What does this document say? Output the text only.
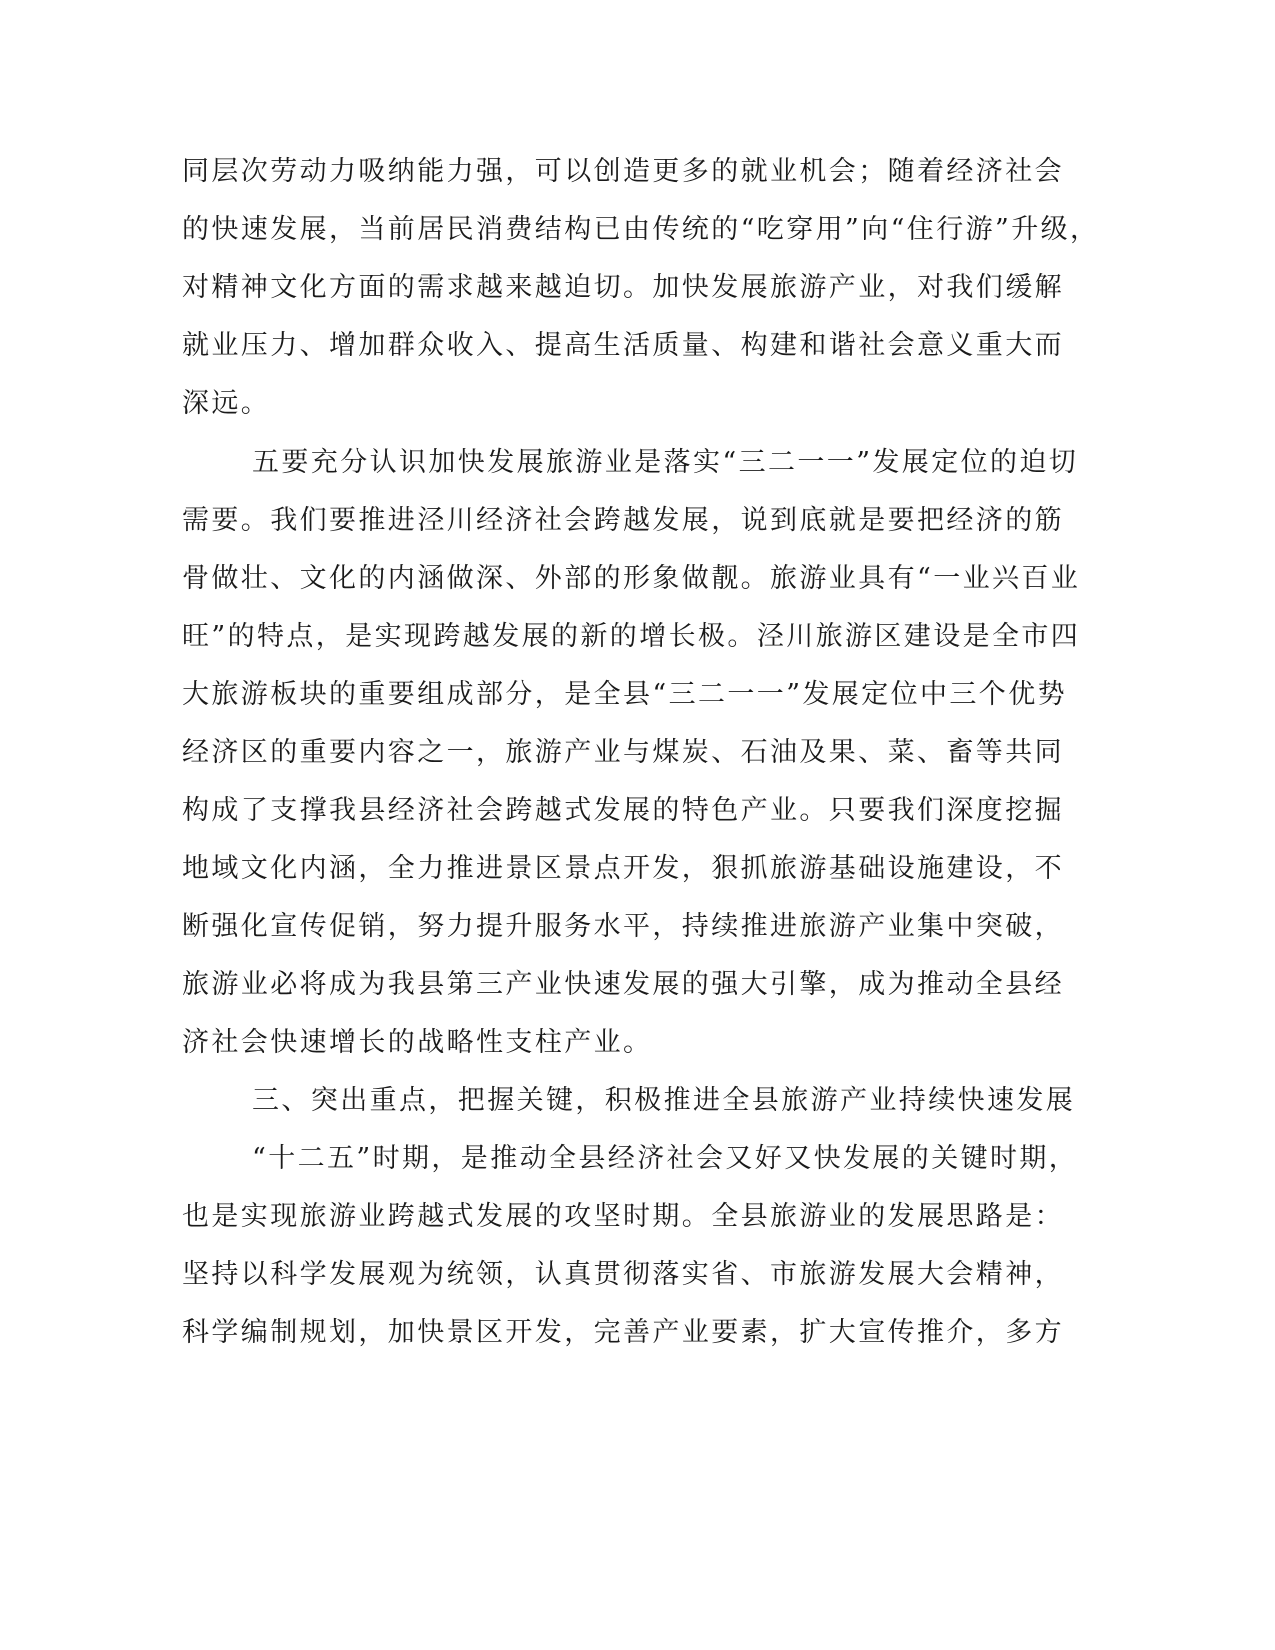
同层次劳动力吸纳能力强，可以创造更多的就业机会；随着经济社会
的快速发展，当前居民消费结构已由传统的“吃穿用”向“住行游”升级，
对精神文化方面的需求越来越迫切。加快发展旅游产业，对我们缓解
就业压力、增加群众收入、提高生活质量、构建和谐社会意义重大而
深远。
五要充分认识加快发展旅游业是落实“三二一一”发展定位的迫切
需要。我们要推进泾川经济社会跨越发展，说到底就是要把经济的筋
骨做壮、文化的内涵做深、外部的形象做靓。旅游业具有“一业兴百业
旺”的特点，是实现跨越发展的新的增长极。泾川旅游区建设是全市四
大旅游板块的重要组成部分，是全县“三二一一”发展定位中三个优势
经济区的重要内容之一，旅游产业与煤炭、石油及果、菜、畜等共同
构成了支撑我县经济社会跨越式发展的特色产业。只要我们深度挖掘
地域文化内涵，全力推进景区景点开发，狠抓旅游基础设施建设，不
断强化宣传促销，努力提升服务水平，持续推进旅游产业集中突破，
旅游业必将成为我县第三产业快速发展的强大引擎，成为推动全县经
济社会快速增长的战略性支柱产业。
三、突出重点，把握关键，积极推进全县旅游产业持续快速发展
“十二五”时期，是推动全县经济社会又好又快发展的关键时期，
也是实现旅游业跨越式发展的攻坚时期。全县旅游业的发展思路是：
坚持以科学发展观为统领，认真贯彻落实省、市旅游发展大会精神，
科学编制规划，加快景区开发，完善产业要素，扩大宣传推介，多方
